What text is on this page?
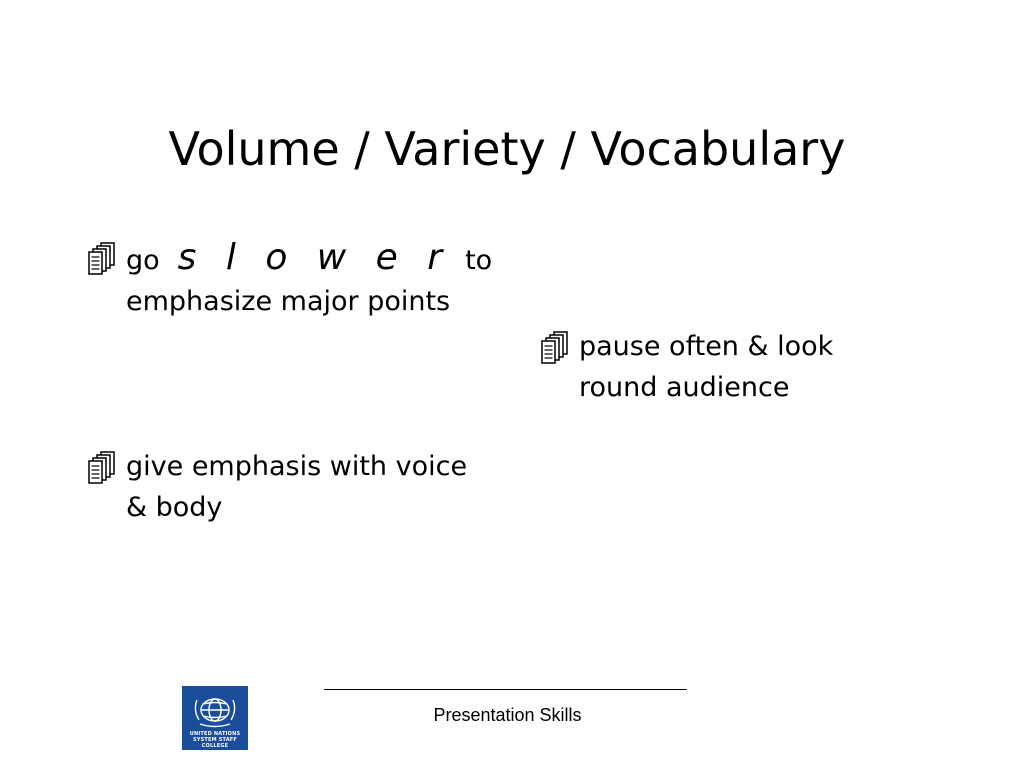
Volume / Variety / Vocabulary
go s l o w e r to
emphasize major points
pause often & look
round audience
give emphasis with voice
& body
Presentation Skills
UNITED NATIONS
SYSTEM STAFF COLLEGE
